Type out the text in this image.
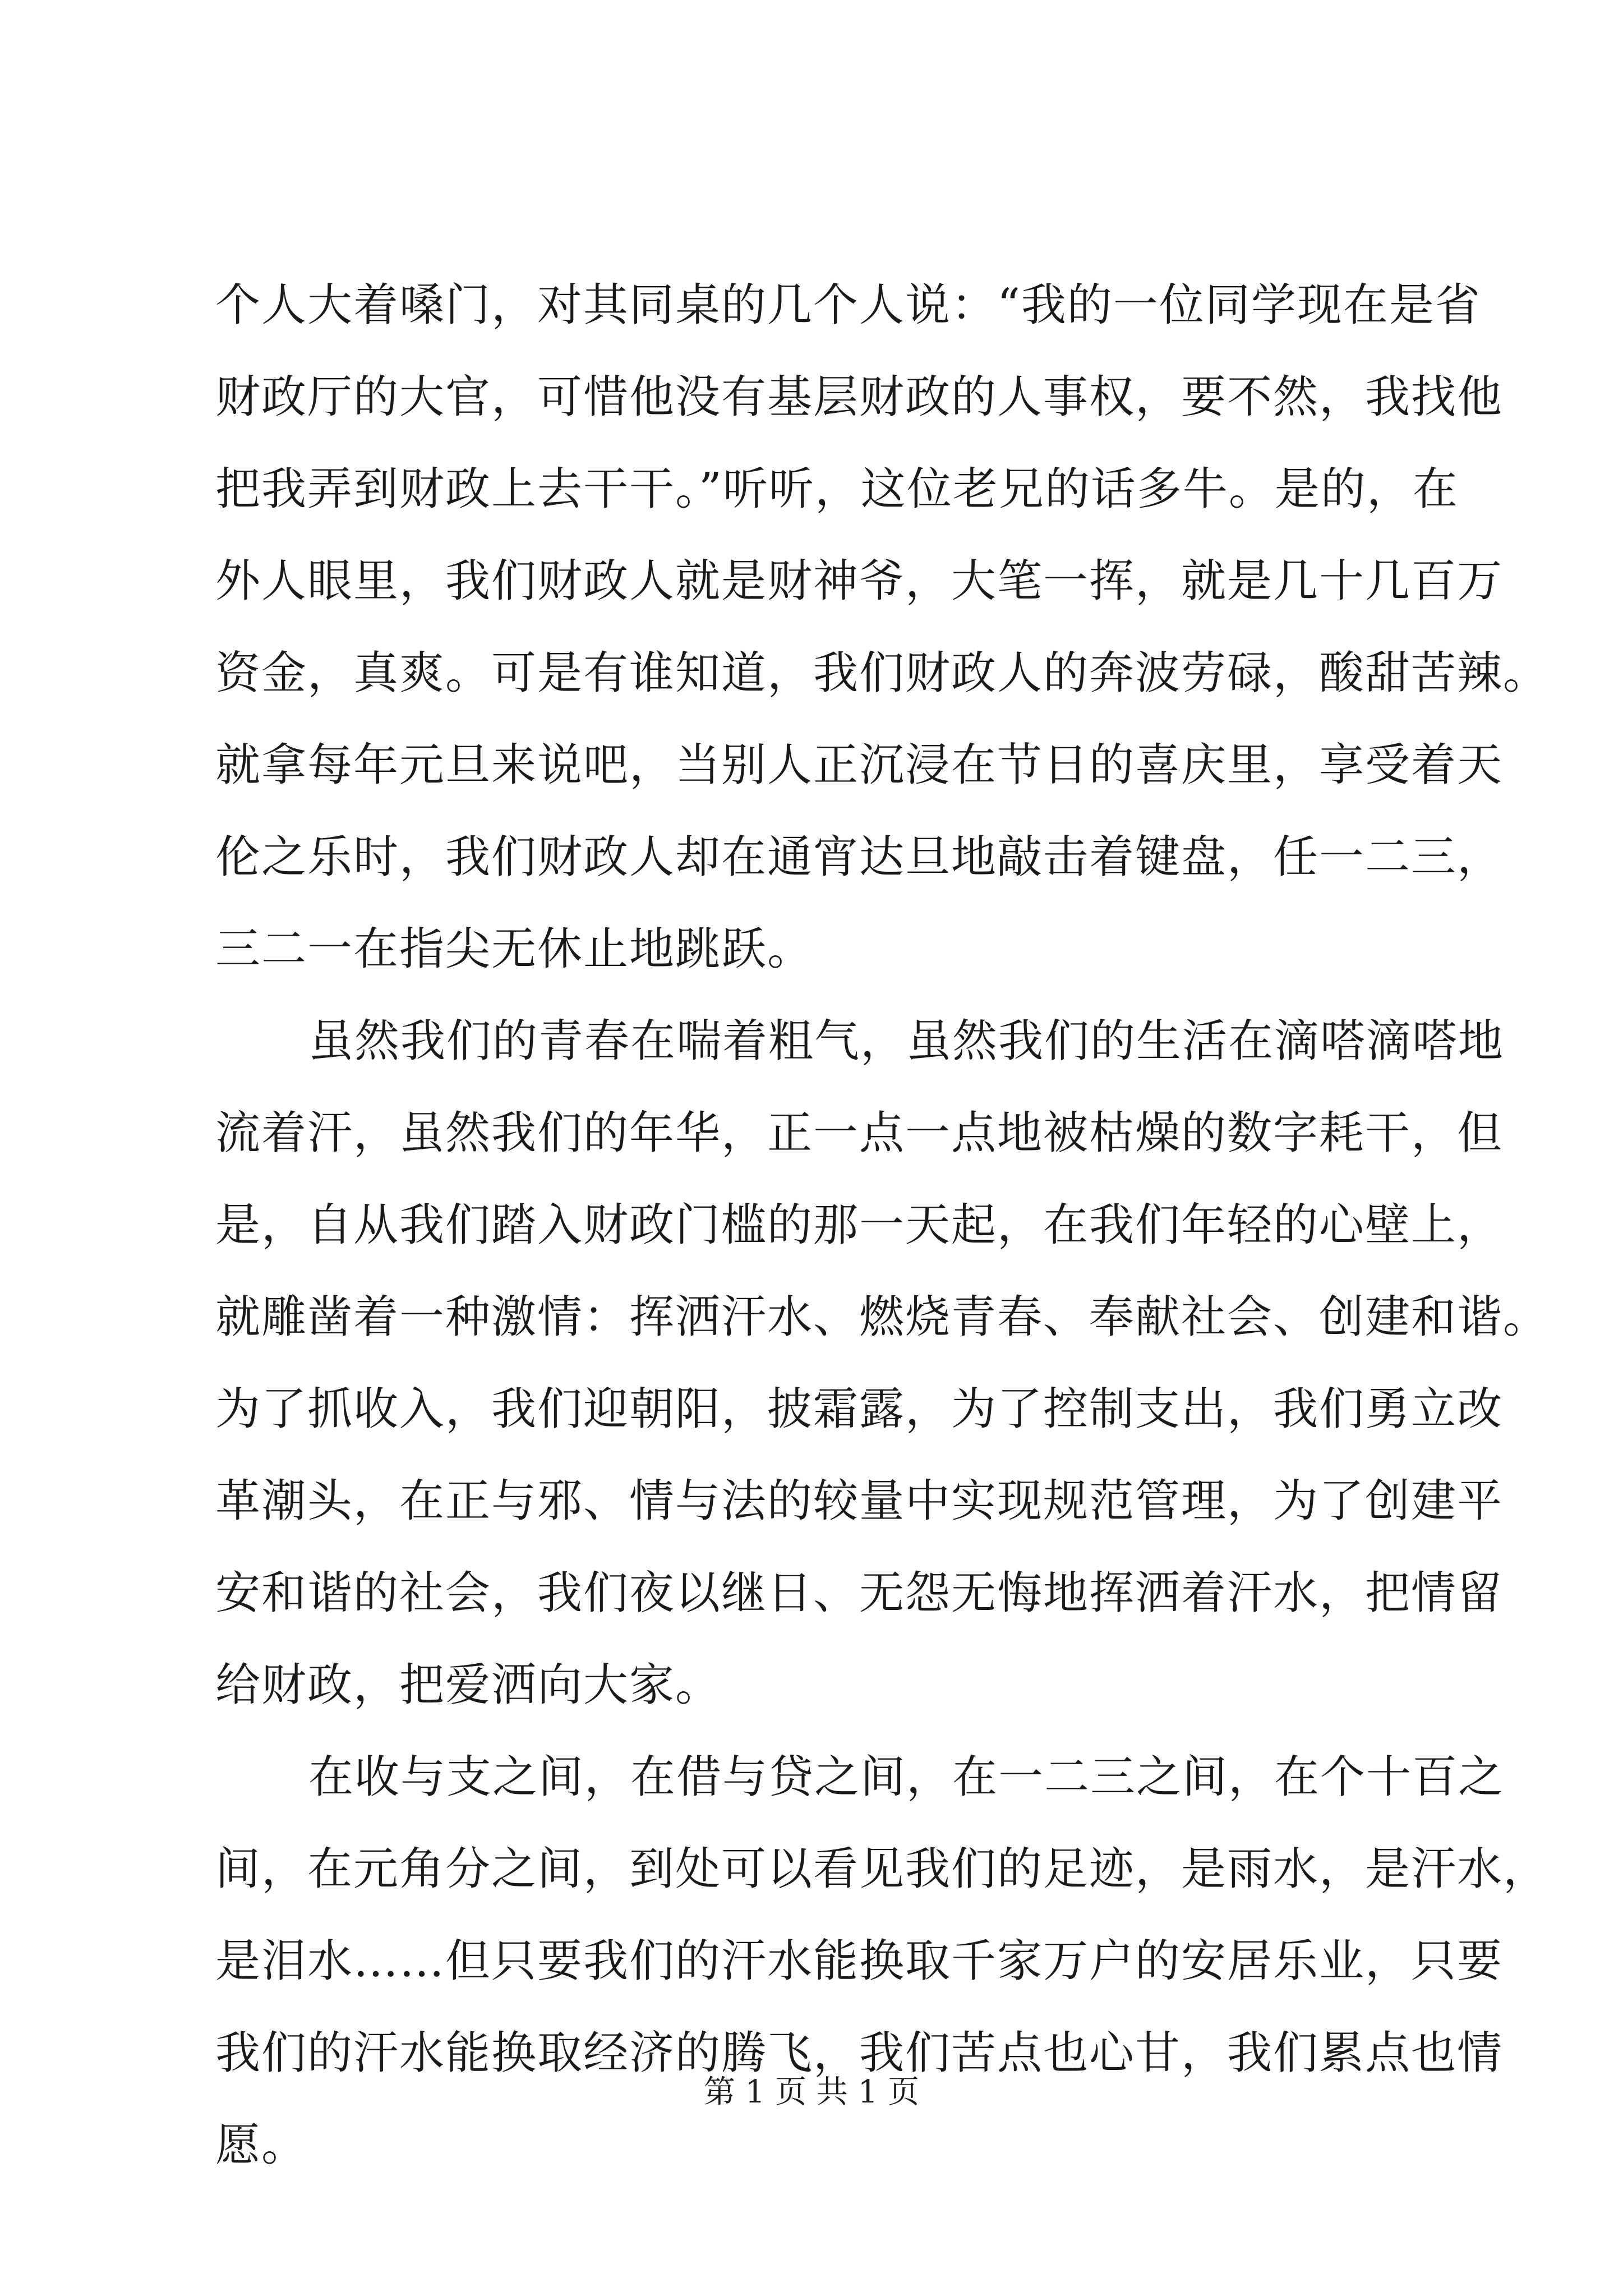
个人大着嗓门，对其同桌的几个人说：“我的一位同学现在是省
财政厅的大官，可惜他没有基层财政的人事权，要不然，我找他
把我弄到财政上去干干。”听听，这位老兄的话多牛。是的，在
外人眼里，我们财政人就是财神爷，大笔一挥，就是几十几百万
资金，真爽。可是有谁知道，我们财政人的奔波劳碌，酸甜苦辣。
就拿每年元旦来说吧，当别人正沉浸在节日的喜庆里，享受着天
伦之乐时，我们财政人却在通宵达旦地敲击着键盘，任一二三，
三二一在指尖无休止地跳跃。
虽然我们的青春在喘着粗气，虽然我们的生活在滴嗒滴嗒地
流着汗，虽然我们的年华，正一点一点地被枯燥的数字耗干，但
是，自从我们踏入财政门槛的那一天起，在我们年轻的心壁上，
就雕凿着一种激情：挥洒汗水、燃烧青春、奉献社会、创建和谐。
为了抓收入，我们迎朝阳，披霜露，为了控制支出，我们勇立改
革潮头，在正与邪、情与法的较量中实现规范管理，为了创建平
安和谐的社会，我们夜以继日、无怨无悔地挥洒着汗水，把情留
给财政，把爱洒向大家。
在收与支之间，在借与贷之间，在一二三之间，在个十百之
间，在元角分之间，到处可以看见我们的足迹，是雨水，是汗水，
是泪水……但只要我们的汗水能换取千家万户的安居乐业，只要
我们的汗水能换取经济的腾飞，我们苦点也心甘，我们累点也情
愿。
第 1 页 共 1 页
